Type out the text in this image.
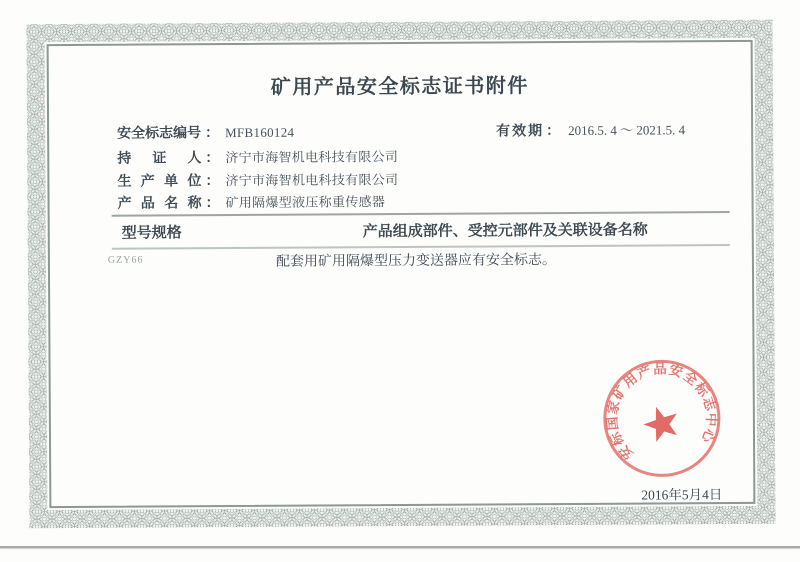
矿用产品安全标志证书附件
安全标志编号 ： MFB160124
持证人 ： 济宁市海智机电科技有限公司
生产单位 ： 济宁市海智机电科技有限公司
产品名称 ： 矿用隔爆型液压称重传感器
有效期 ： 2016.5. 4 ～ 2021.5. 4
型号规格	产品组成部件、受控元部件及关联设备名称
GZY66	配套用矿用隔爆型压力变送器应有安全标志。
安标国家矿用产品安全标志中心
2016年5月4日
